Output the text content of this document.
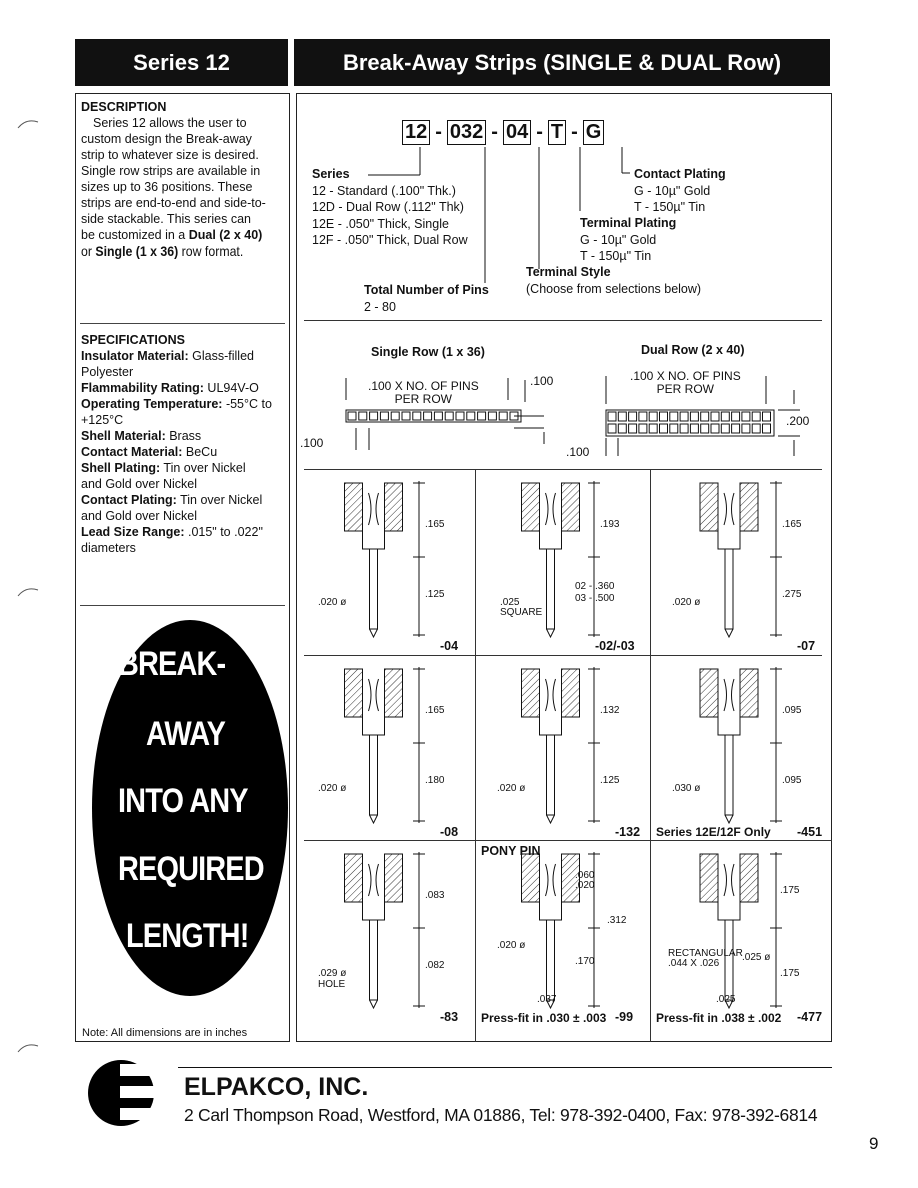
Series 12	Break-Away Strips (SINGLE & DUAL Row)
DESCRIPTION
Series 12 allows the user to
custom design the Break-away
strip to whatever size is desired.
Single row strips are available in
sizes up to 36 positions. These
strips are end-to-end and side-to-
side stackable. This series can
be customized in a Dual (2 x 40)
or Single (1 x 36) row format.
SPECIFICATIONS
Insulator Material: Glass-filled
Polyester
Flammability Rating: UL94V-O
Operating Temperature: -55°C to
+125°C
Shell Material: Brass
Contact Material: BeCu
Shell Plating: Tin over Nickel
and Gold over Nickel
Contact Plating: Tin over Nickel
and Gold over Nickel
Lead Size Range: .015" to .022"
diameters
BREAK-
AWAY
INTO ANY
REQUIRED
LENGTH!
Note: All dimensions are in inches
12 - 032 - 04 - T - G
Series
12 - Standard (.100" Thk.)
12D - Dual Row (.112" Thk)
12E - .050" Thick, Single
12F - .050" Thick, Dual Row
Total Number of Pins
2 - 80
Contact Plating
G - 10µ" Gold
T - 150µ" Tin
Terminal Plating
G - 10µ" Gold
T - 150µ" Tin
Terminal Style
(Choose from selections below)
Single Row (1 x 36)	Dual Row (2 x 40)
.100 X NO. OF PINS
PER ROW
.100
.100
.100 X NO. OF PINS
PER ROW
.200
.100
-04
.165
.125
.020 ø
-02/-03
.193
02 - .360
03 - .500
.025
SQUARE
-07
.165
.275
.020 ø
-08
.165
.180
.020 ø
-132
.132
.125
.020 ø
-451
Series 12E/12F Only
.095
.095
.030 ø
-83
.083
.082
.029 ø
HOLE
-99
Press-fit in .030 ± .003
PONY PIN
.060
.020
.312
.170
.020 ø
.037
-477
Press-fit in .038 ± .002
.175
.175
.025
RECTANGULAR
.044 X .026
.025 ø
ELPAKCO, INC.
2 Carl Thompson Road, Westford, MA 01886, Tel: 978-392-0400, Fax: 978-392-6814
9
